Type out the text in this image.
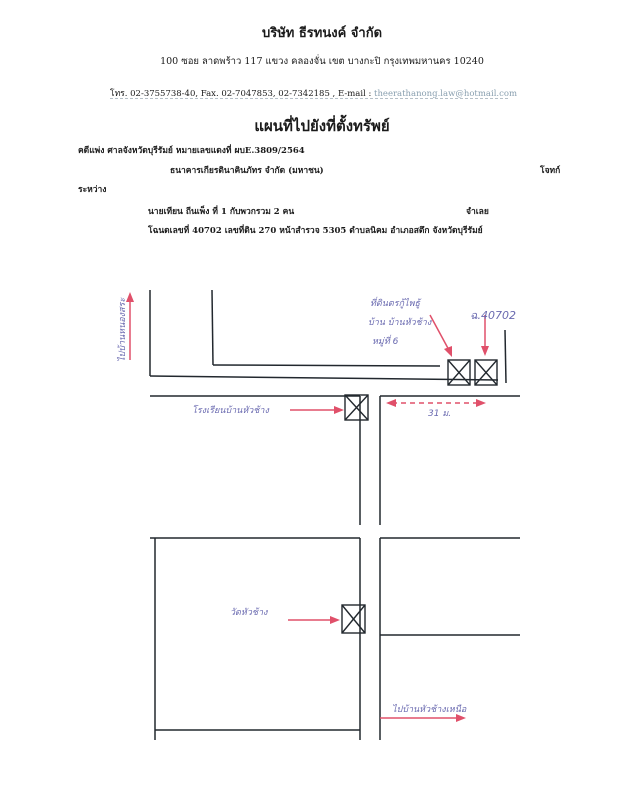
บริษัท ธีรทนงค์ จำกัด
100 ซอย ลาดพร้าว 117 แขวง คลองจั่น เขต บางกะปิ กรุงเทพมหานคร 10240
โทร. 02-3755738-40, Fax. 02-7047853, 02-7342185 , E-mail : theerathanong.law@hotmail.com
แผนที่ไปยังที่ตั้งทรัพย์
คดีแพ่ง ศาลจังหวัดบุรีรัมย์ หมายเลขแดงที่ ผบE.3809/2564
ธนาคารเกียรตินาคินภัทร จำกัด (มหาชน)	โจทก์
ระหว่าง
นายเทียน ถีนเพ็ง ที่ 1 กับพวกรวม 2 คน	จำเลย
โฉนดเลขที่ 40702 เลขที่ดิน 270 หน้าสำรวจ 5305 ตำบลนิคม อำเภอสตึก จังหวัดบุรีรัมย์
ไปบ้านหนองสระ	ที่ดินตรกู้ไพธู้
บ้าน บ้านหัวช้าง
หมู่ที่ 6
ฉ.40702
โรงเรียนบ้านหัวช้าง	31 ม.
วัดหัวช้าง
ไปบ้านหัวช้างเหนือ
